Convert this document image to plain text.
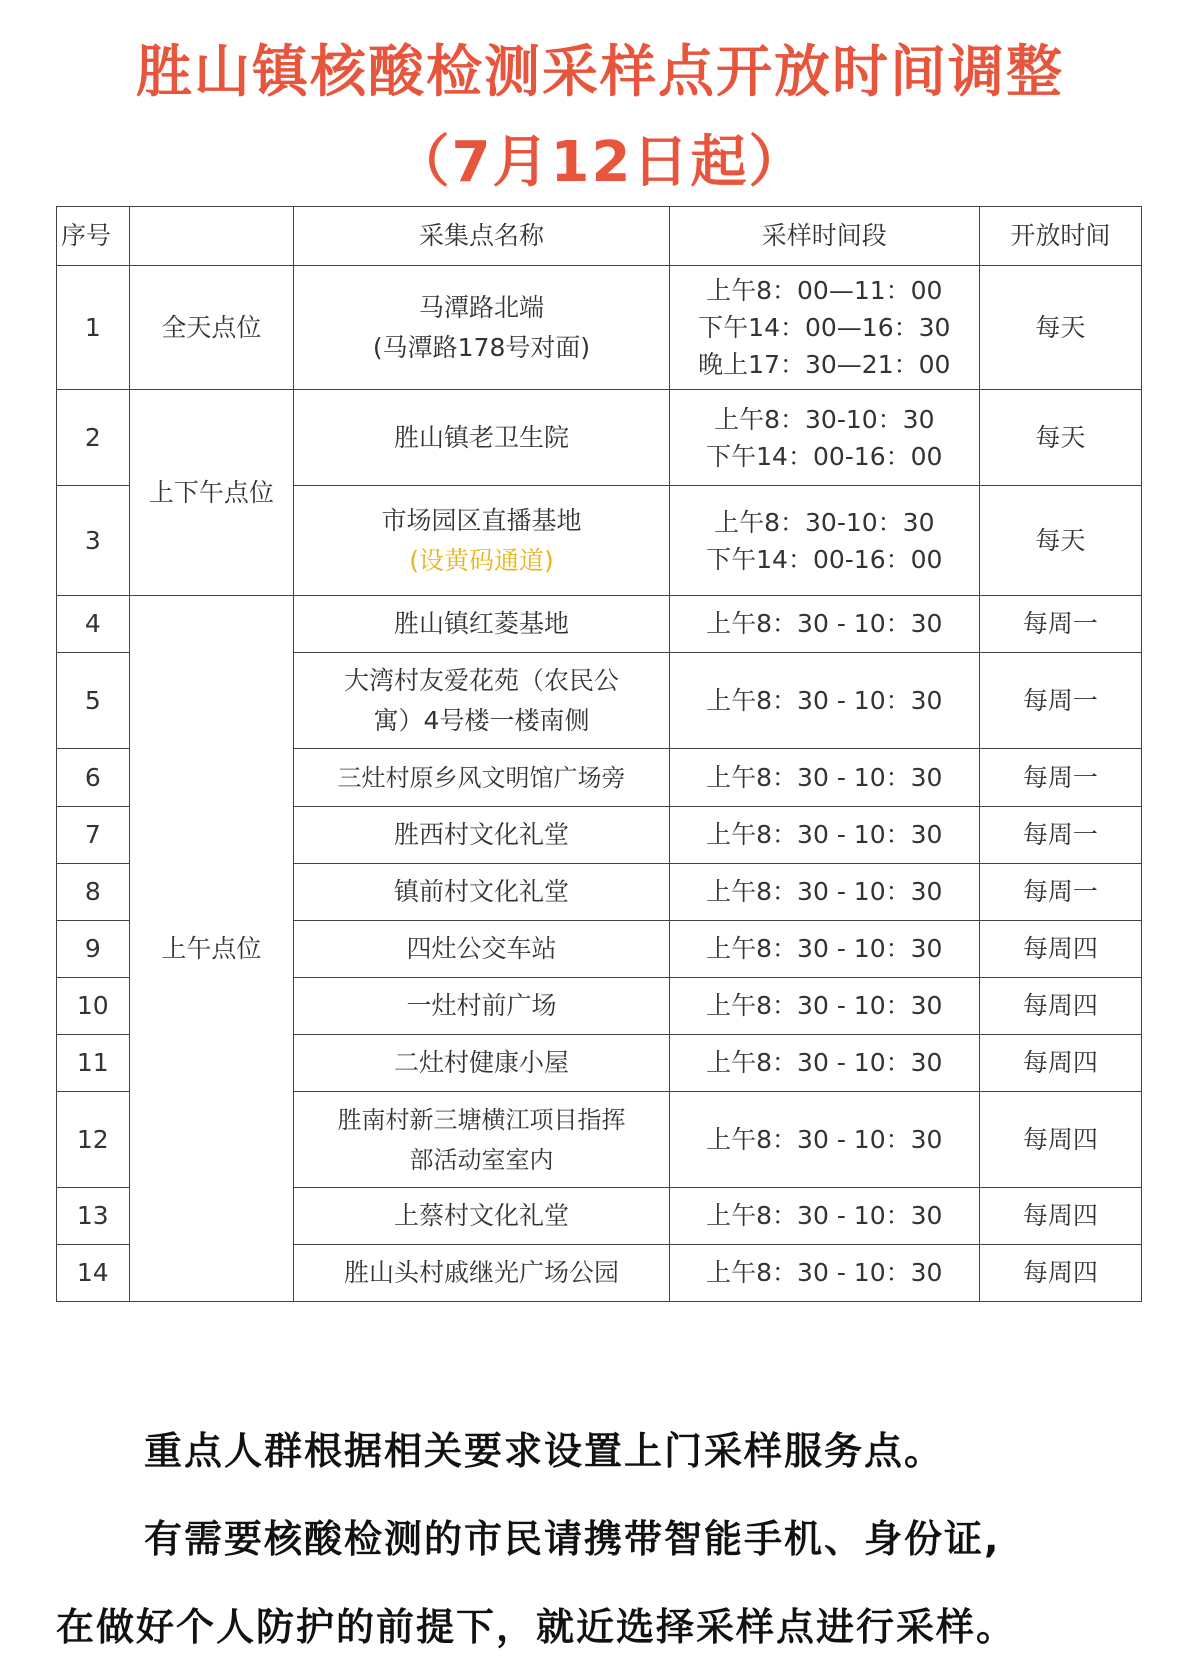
胜山镇核酸检测采样点开放时间调整
（7月12日起）
序号		采集点名称	采样时间段	开放时间
1	全天点位	马潭路北端
(马潭路178号对面)	上午8：00—11：00
下午14：00—16：30
晚上17：30—21：00	每天
2	上下午点位	胜山镇老卫生院	上午8：30-10：30
下午14：00-16：00	每天
3		市场园区直播基地
(设黄码通道)	上午8：30-10：30
下午14：00-16：00	每天
4	上午点位	胜山镇红菱基地	上午8：30 - 10：30	每周一
5		大湾村友爱花苑（农民公
寓）4号楼一楼南侧	上午8：30 - 10：30	每周一
6		三灶村原乡风文明馆广场旁	上午8：30 - 10：30	每周一
7		胜西村文化礼堂	上午8：30 - 10：30	每周一
8		镇前村文化礼堂	上午8：30 - 10：30	每周一
9		四灶公交车站	上午8：30 - 10：30	每周四
10		一灶村前广场	上午8：30 - 10：30	每周四
11		二灶村健康小屋	上午8：30 - 10：30	每周四
12		胜南村新三塘横江项目指挥
部活动室室内	上午8：30 - 10：30	每周四
13		上蔡村文化礼堂	上午8：30 - 10：30	每周四
14		胜山头村戚继光广场公园	上午8：30 - 10：30	每周四
重点人群根据相关要求设置上门采样服务点。
有需要核酸检测的市民请携带智能手机、身份证,
在做好个人防护的前提下，就近选择采样点进行采样。
